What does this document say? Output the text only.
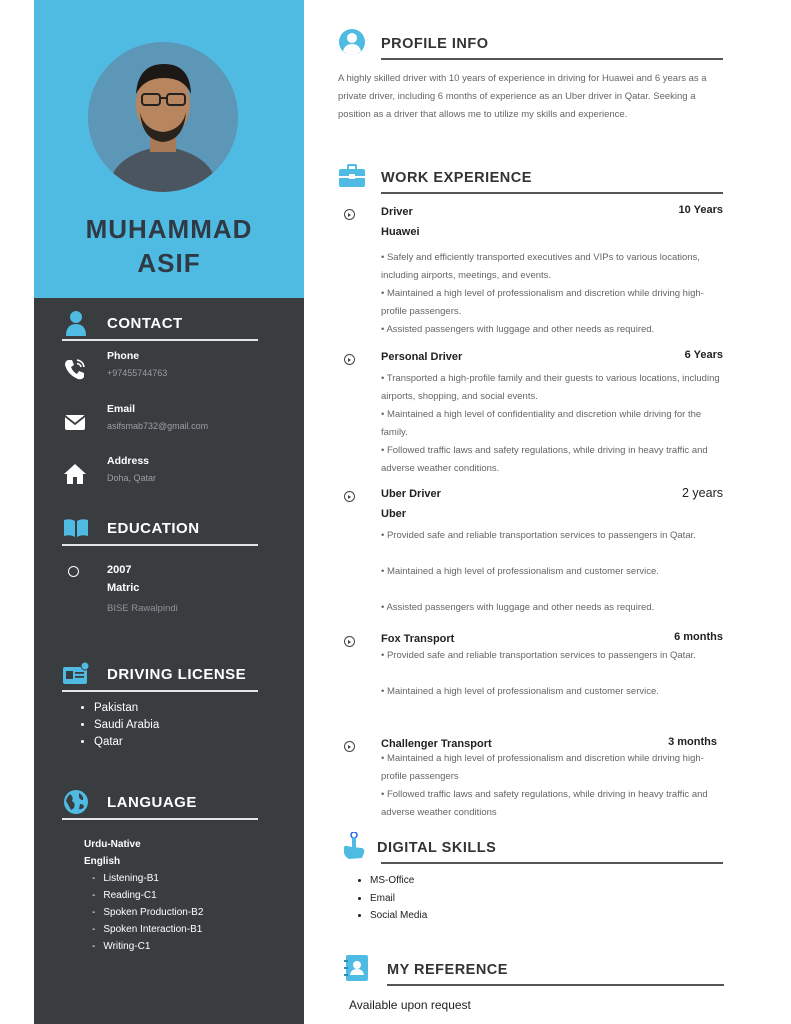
MUHAMMAD
ASIF
CONTACT
Phone
+97455744763
Email
asifsmab732@gmail.com
Address
Doha, Qatar
EDUCATION
2007
Matric
BISE Rawalpindi
DRIVING LICENSE
• Pakistan
• Saudi Arabia
• Qatar
LANGUAGE
Urdu-Native
English
- Listening-B1
- Reading-C1
- Spoken Production-B2
- Spoken Interaction-B1
- Writing-C1
PROFILE INFO
A highly skilled driver with 10 years of experience in driving for Huawei and 6 years as a private driver, including 6 months of experience as an Uber driver in Qatar. Seeking a position as a driver that allows me to utilize my skills and experience.
WORK EXPERIENCE
Driver	10 Years
Huawei
• Safely and efficiently transported executives and VIPs to various locations, including airports, meetings, and events.
• Maintained a high level of professionalism and discretion while driving high-profile passengers.
• Assisted passengers with luggage and other needs as required.
Personal Driver	6 Years
• Transported a high-profile family and their guests to various locations, including airports, shopping, and social events.
• Maintained a high level of confidentiality and discretion while driving for the family.
• Followed traffic laws and safety regulations, while driving in heavy traffic and adverse weather conditions.
Uber Driver	2 years
Uber
• Provided safe and reliable transportation services to passengers in Qatar.
• Maintained a high level of professionalism and customer service.
• Assisted passengers with luggage and other needs as required.
Fox Transport	6 months
• Provided safe and reliable transportation services to passengers in Qatar.
• Maintained a high level of professionalism and customer service.
Challenger Transport	3 months
• Maintained a high level of professionalism and discretion while driving high-profile passengers
• Followed traffic laws and safety regulations, while driving in heavy traffic and adverse weather conditions
DIGITAL SKILLS
• MS-Office
• Email
• Social Media
MY REFERENCE
Available upon request
